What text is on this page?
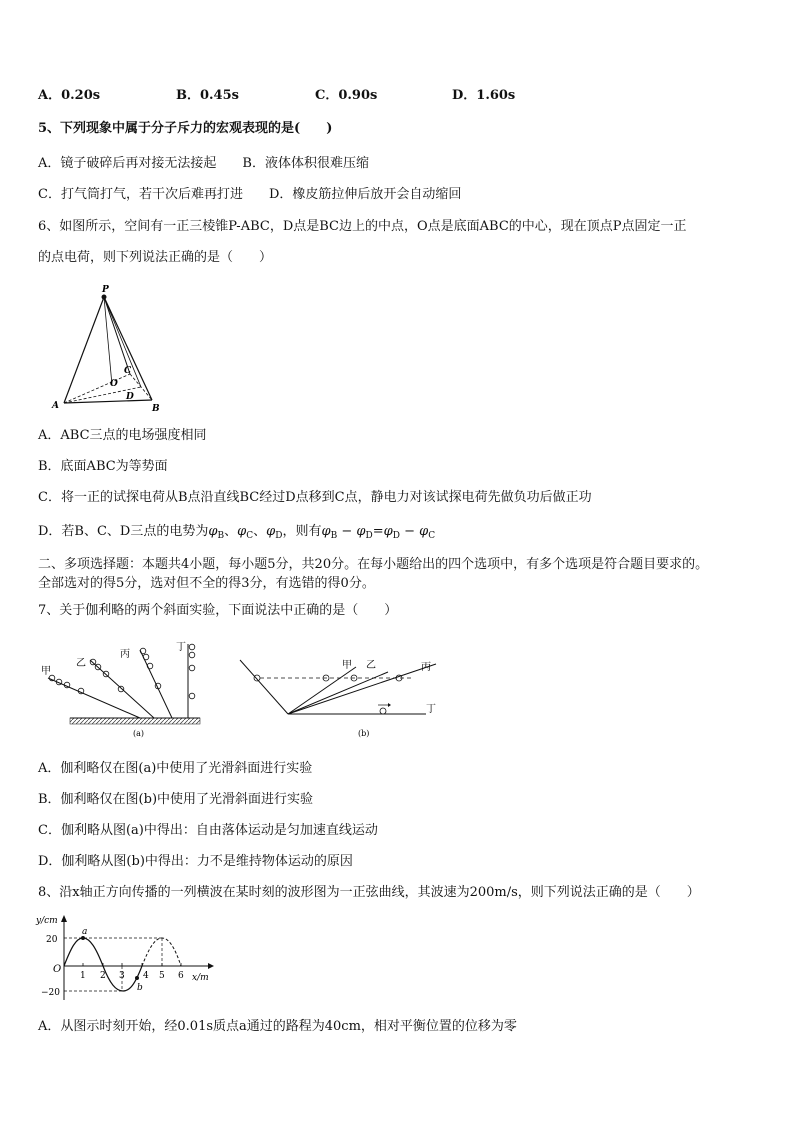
A．0.20s	B．0.45s	C．0.90s	D．1.60s
5、下列现象中属于分子斥力的宏观表现的是(　　)
A．镜子破碎后再对接无法接起 B．液体体积很难压缩
C．打气筒打气，若干次后难再打进 D．橡皮筋拉伸后放开会自动缩回
6、如图所示，空间有一正三棱锥P-ABC，D点是BC边上的中点，O点是底面ABC的中心，现在顶点P点固定一正
的点电荷，则下列说法正确的是（　　）
P
A	B
C
D
O
A．ABC三点的电场强度相同
B．底面ABC为等势面
C．将一正的试探电荷从B点沿直线BC经过D点移到C点，静电力对该试探电荷先做负功后做正功
D．若B、C、D三点的电势为$\varphi_B$、$\varphi_C$、$\varphi_D$，则有$\varphi_B - \varphi_D=\varphi_D - \varphi_C$
二、多项选择题：本题共4小题，每小题5分，共20分。在每小题给出的四个选项中，有多个选项是符合题目要求的。
全部选对的得5分，选对但不全的得3分，有选错的得0分。
7、关于伽利略的两个斜面实验，下面说法中正确的是（　　）
甲
乙
丙
丁
(a)
甲 乙	丙
丁
(b)
A．伽利略仅在图(a)中使用了光滑斜面进行实验
B．伽利略仅在图(b)中使用了光滑斜面进行实验
C．伽利略从图(a)中得出：自由落体运动是匀加速直线运动
D．伽利略从图(b)中得出：力不是维持物体运动的原因
8、沿x轴正方向传播的一列横波在某时刻的波形图为一正弦曲线，其波速为200m/s，则下列说法正确的是（　　）
y/cm
x/m
O
20
−20
1 2 3 4 5 6
a
b
A．从图示时刻开始，经0.01s质点a通过的路程为40cm，相对平衡位置的位移为零
